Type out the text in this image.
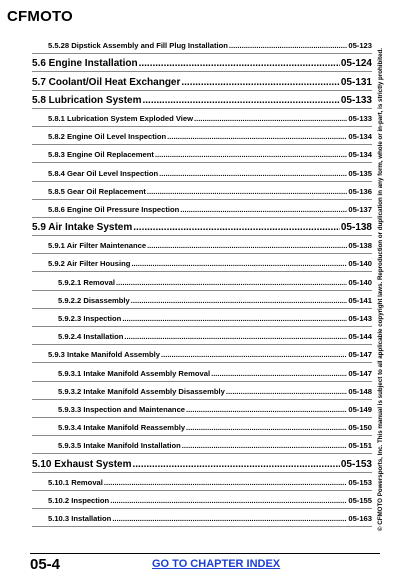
CFMOTO
5.5.28 Dipstick Assembly and Fill Plug Installation .....	05-123
5.6 Engine Installation .....	05-124
5.7 Coolant/Oil Heat Exchanger .....	05-131
5.8 Lubrication System .....	05-133
5.8.1 Lubrication System Exploded View .....	05-133
5.8.2 Engine Oil Level Inspection .....	05-134
5.8.3 Engine Oil Replacement .....	05-134
5.8.4 Gear Oil Level Inspection .....	05-135
5.8.5 Gear Oil Replacement .....	05-136
5.8.6 Engine Oil Pressure Inspection .....	05-137
5.9 Air Intake System .....	05-138
5.9.1 Air Filter Maintenance .....	05-138
5.9.2 Air Filter Housing .....	05-140
5.9.2.1 Removal .....	05-140
5.9.2.2 Disassembly .....	05-141
5.9.2.3 Inspection .....	05-143
5.9.2.4 Installation .....	05-144
5.9.3 Intake Manifold Assembly .....	05-147
5.9.3.1 Intake Manifold Assembly Removal .....	05-147
5.9.3.2 Intake Manifold Assembly Disassembly .....	05-148
5.9.3.3 Inspection and Maintenance .....	05-149
5.9.3.4 Intake Manifold Reassembly .....	05-150
5.9.3.5 Intake Manifold Installation .....	05-151
5.10 Exhaust System .....	05-153
5.10.1 Removal .....	05-153
5.10.2 Inspection .....	05-155
5.10.3 Installation .....	05-163 © CFMOTO Powersports, Inc. This manual is subject to all applicable copyright laws. Reproduction or duplication in any form, whole or in-part, is strictly prohibited.
05-4	GO TO CHAPTER INDEX
